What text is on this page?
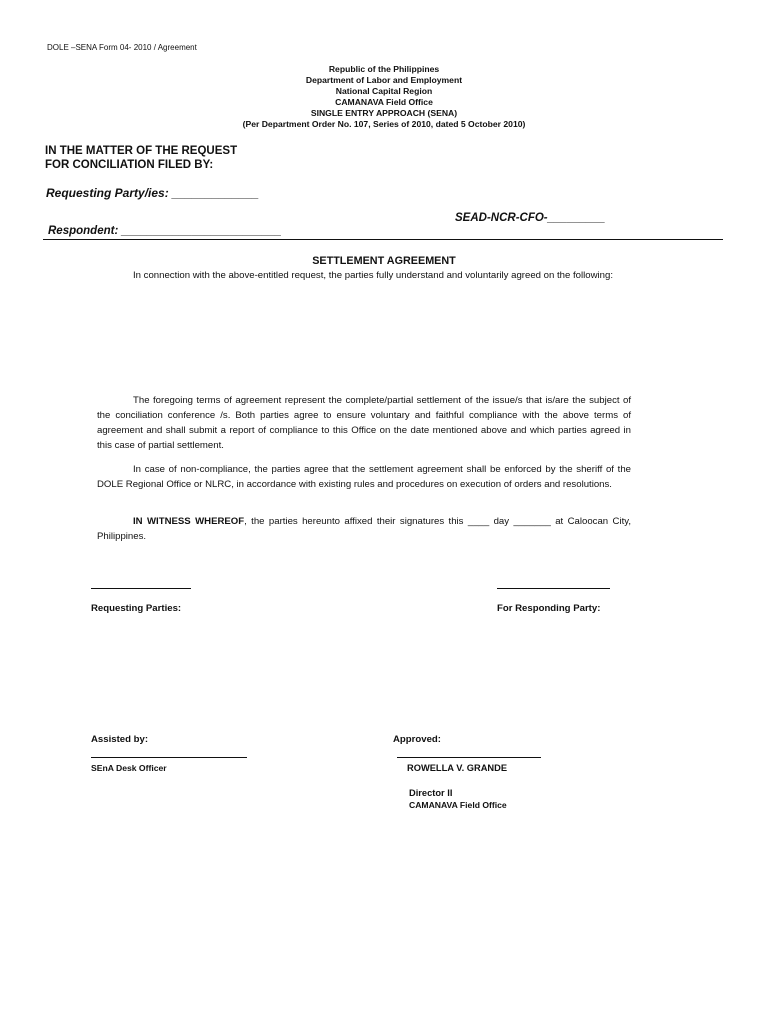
DOLE –SENA Form 04- 2010 / Agreement
Republic of the Philippines
Department of Labor and Employment
National Capital Region
CAMANAVA Field Office
SINGLE ENTRY APPROACH (SENA)
(Per Department Order No. 107, Series of 2010, dated 5 October 2010)
IN THE MATTER OF THE REQUEST
FOR CONCILIATION FILED BY:
Requesting Party/ies: _____________
SEAD-NCR-CFO-_________
Respondent: _________________________
SETTLEMENT AGREEMENT
In connection with the above-entitled request, the parties fully understand and voluntarily agreed on the following:
The foregoing terms of agreement represent the complete/partial settlement of the issue/s that is/are the subject of the conciliation conference /s. Both parties agree to ensure voluntary and faithful compliance with the above terms of agreement and shall submit a report of compliance to this Office on the date mentioned above and which parties agreed in this case of partial settlement.
In case of non-compliance, the parties agree that the settlement agreement shall be enforced by the sheriff of the DOLE Regional Office or NLRC, in accordance with existing rules and procedures on execution of orders and resolutions.
IN WITNESS WHEREOF, the parties hereunto affixed their signatures this ____ day _______ at Caloocan City, Philippines.
Requesting Parties:	For Responding Party:
Assisted by:	Approved:
SEnA Desk Officer	ROWELLA V. GRANDE
Director II
CAMANAVA Field Office
